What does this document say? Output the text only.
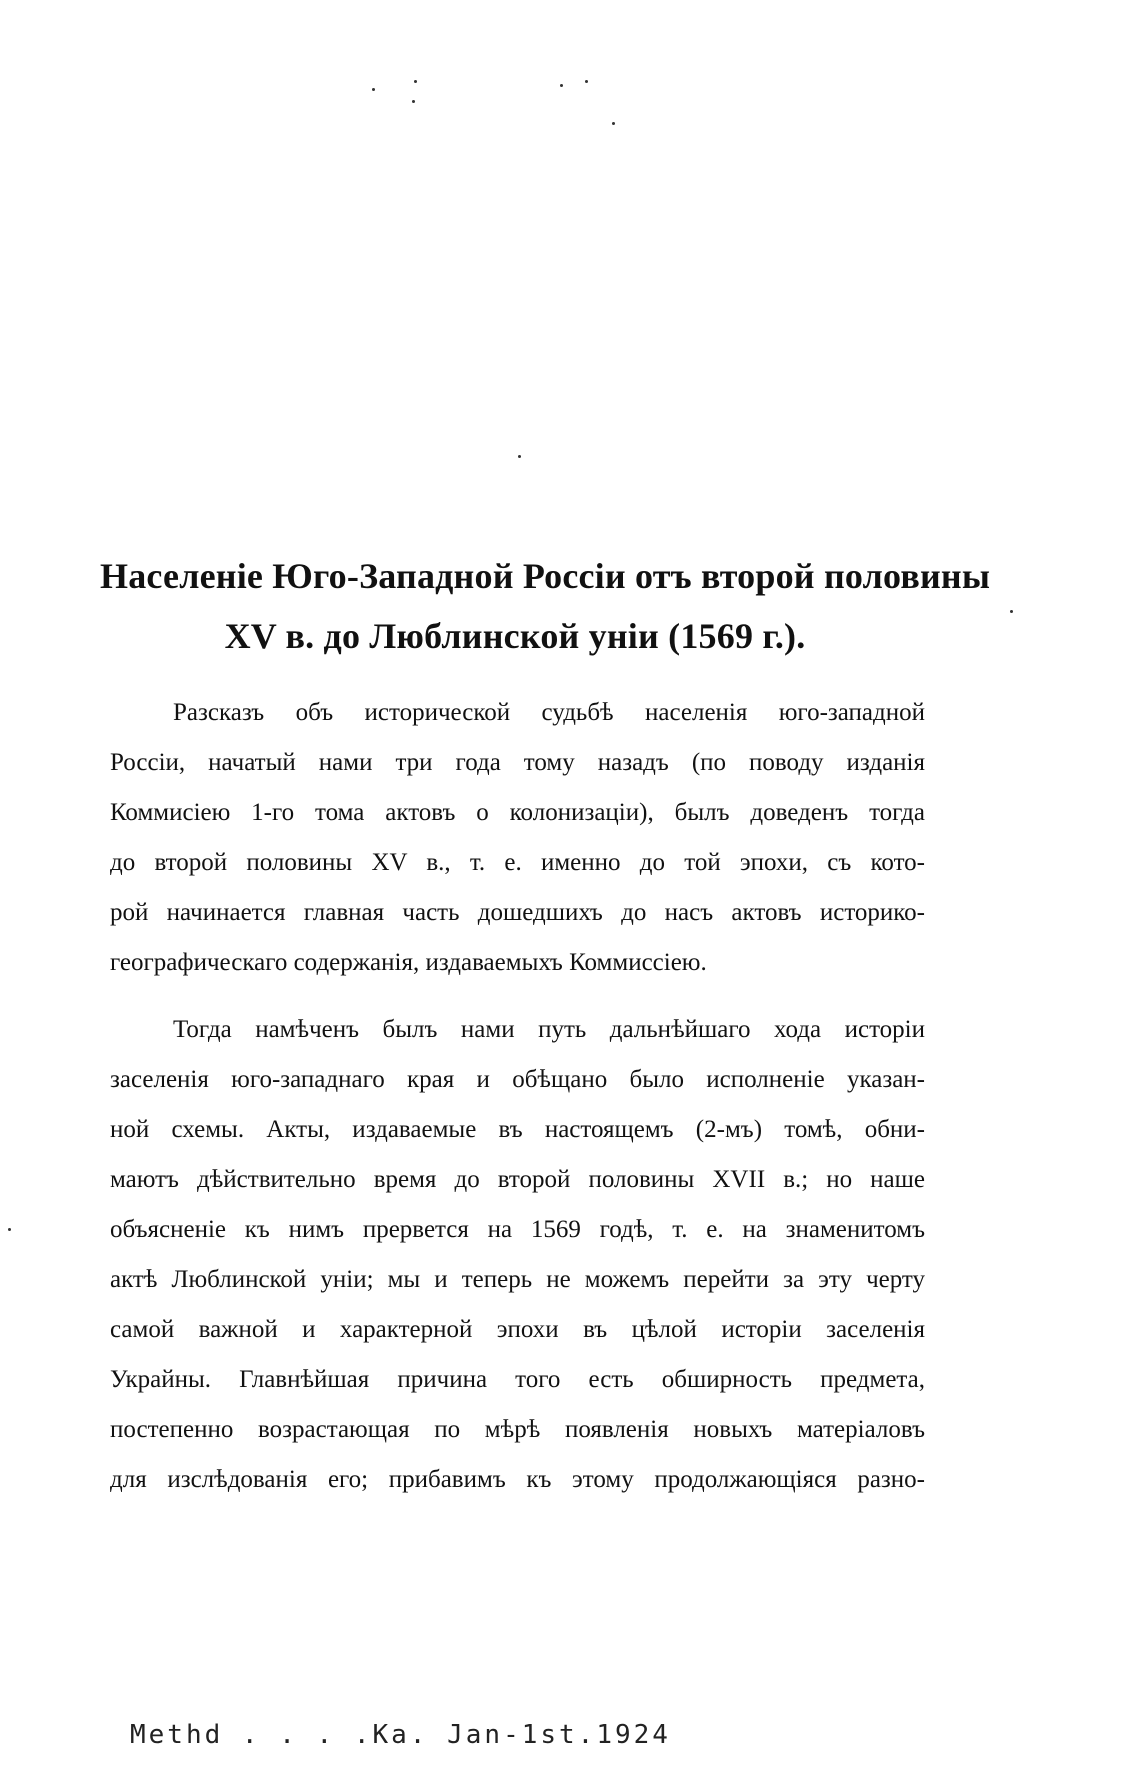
Населеніе Юго-Западной Россіи отъ второй половины
XV в. до Люблинской уніи (1569 г.).
Разсказъ объ исторической судьбѣ населенія юго-западной
Россіи, начатый нами три года тому назадъ (по поводу изданія
Коммисіею 1-го тома актовъ о колонизаціи), былъ доведенъ тогда
до второй половины XV в., т. е. именно до той эпохи, съ кото-
рой начинается главная часть дошедшихъ до насъ актовъ историко-
географическаго содержанія, издаваемыхъ Коммиссіею.
Тогда намѣченъ былъ нами путь дальнѣйшаго хода исторіи
заселенія юго-западнаго края и обѣщано было исполненіе указан-
ной схемы. Акты, издаваемые въ настоящемъ (2-мъ) томѣ, обни-
маютъ дѣйствительно время до второй половины XVII в.; но наше
объясненіе къ нимъ прервется на 1569 годѣ, т. е. на знаменитомъ
актѣ Люблинской уніи; мы и теперь не можемъ перейти за эту черту
самой важной и характерной эпохи въ цѣлой исторіи заселенія
Украйны. Главнѣйшая причина того есть обширность предмета,
постепенно возрастающая по мѣрѣ появленія новыхъ матеріаловъ
для изслѣдованія его; прибавимъ къ этому продолжающіяся разно-
Methd . . . .Ka. Jan-1st.1924
